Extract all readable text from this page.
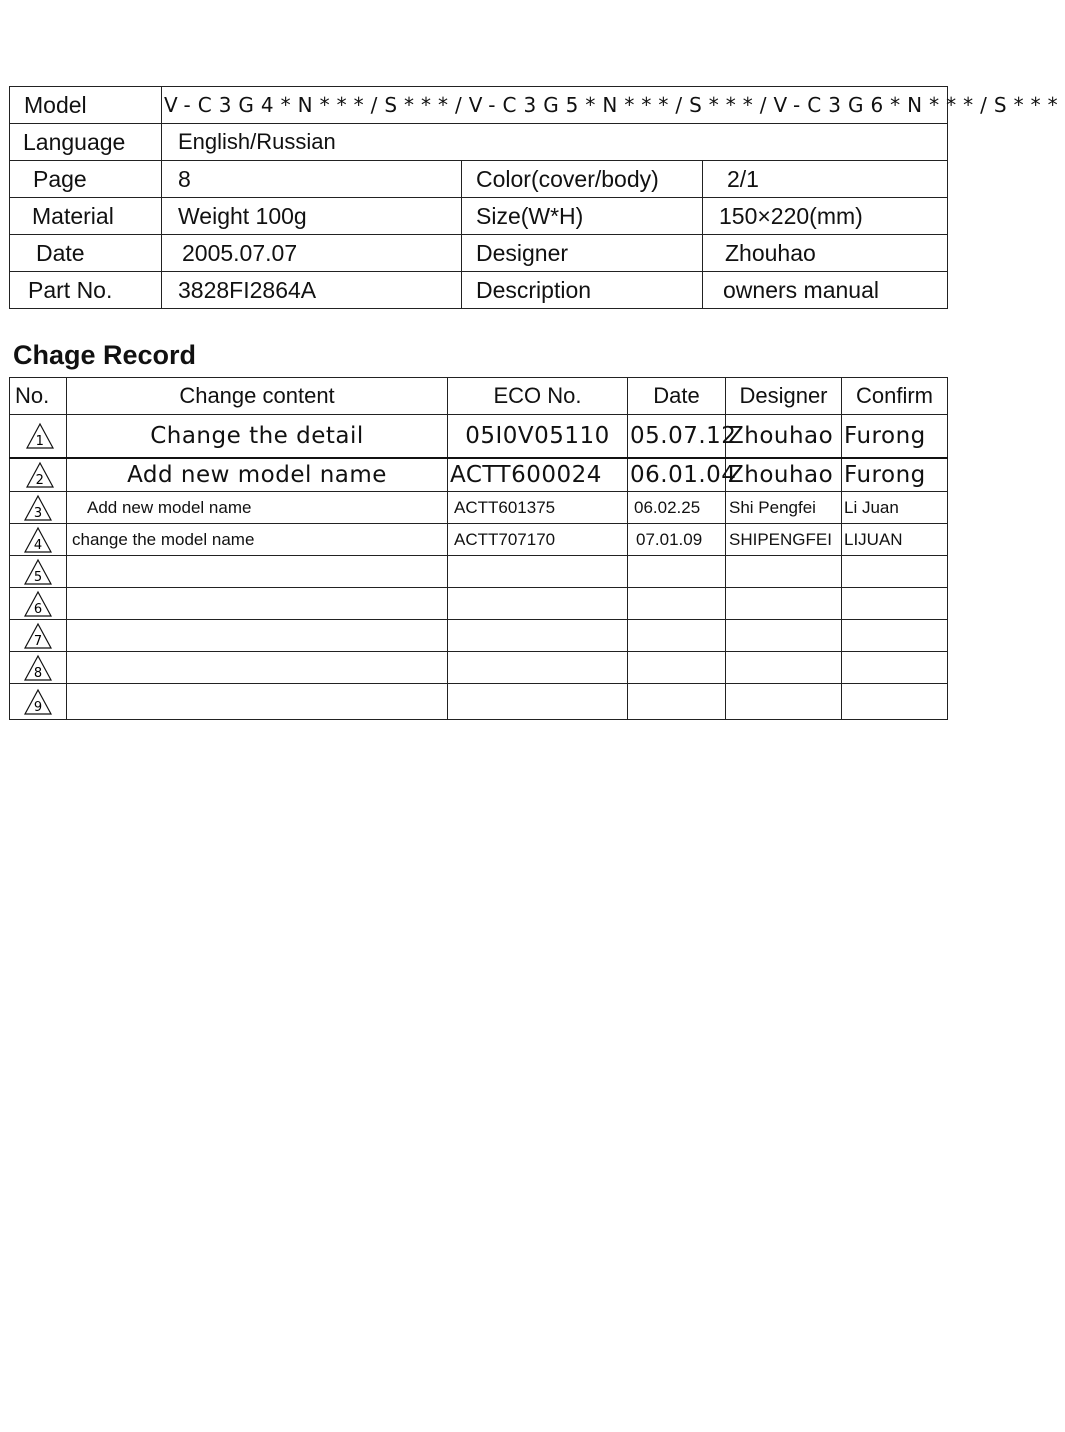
Model	V-C3G4*N***/S***/V-C3G5*N***/S***/V-C3G6*N***/S***		
Language	English/Russian		
Page	8	Color(cover/body)	2/1
Material	Weight 100g	Size(W*H)	150×220(mm)
Date	2005.07.07	Designer	Zhouhao
Part No.	3828FI2864A	Description	owners manual
Chage Record
No.	Change content	ECO No.	Date	Designer	Confirm

1	Change the detail	05I0V05110	05.07.12	Zhouhao	Furong

2	Add new model name	ACTT600024	06.01.04	Zhouhao	Furong

3	Add new model name	ACTT601375	06.02.25	Shi Pengfei	Li Juan

4	change the model name	ACTT707170	07.01.09	SHIPENGFEI	LIJUAN

5					

6					

7					

8					

9					
